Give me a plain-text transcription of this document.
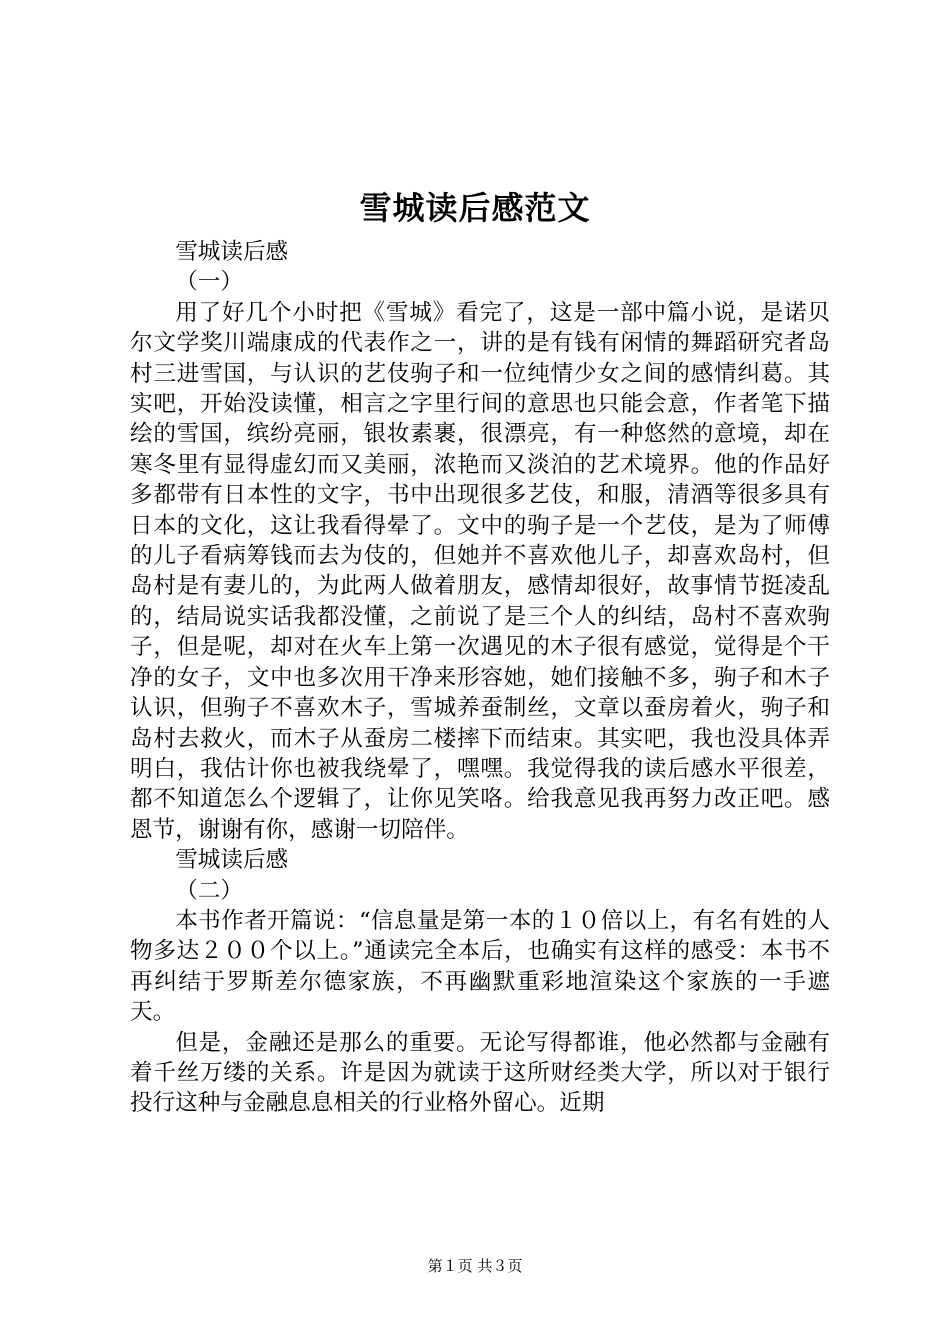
雪城读后感范文

雪城读后感

（一）

用了好几个小时把《雪城》看完了，这是一部中篇小说，是诺贝尔文学奖川端康成的代表作之一，讲的是有钱有闲情的舞蹈研究者岛村三进雪国，与认识的艺伎驹子和一位纯情少女之间的感情纠葛。其实吧，开始没读懂，相言之字里行间的意思也只能会意，作者笔下描绘的雪国，缤纷亮丽，银妆素裹，很漂亮，有一种悠然的意境，却在寒冬里有显得虚幻而又美丽，浓艳而又淡泊的艺术境界。他的作品好多都带有日本性的文字，书中出现很多艺伎，和服，清酒等很多具有日本的文化，这让我看得晕了。文中的驹子是一个艺伎，是为了师傅的儿子看病筹钱而去为伎的，但她并不喜欢他儿子，却喜欢岛村，但岛村是有妻儿的，为此两人做着朋友，感情却很好，故事情节挺凌乱的，结局说实话我都没懂，之前说了是三个人的纠结，岛村不喜欢驹子，但是呢，却对在火车上第一次遇见的木子很有感觉，觉得是个干净的女子，文中也多次用干净来形容她，她们接触不多，驹子和木子认识，但驹子不喜欢木子，雪城养蚕制丝，文章以蚕房着火，驹子和岛村去救火，而木子从蚕房二楼摔下而结束。其实吧，我也没具体弄明白，我估计你也被我绕晕了，嘿嘿。我觉得我的读后感水平很差，都不知道怎么个逻辑了，让你见笑咯。给我意见我再努力改正吧。感恩节，谢谢有你，感谢一切陪伴。

雪城读后感

（二）

本书作者开篇说：“信息量是第一本的１０倍以上，有名有姓的人物多达２００个以上。”通读完全本后，也确实有这样的感受：本书不再纠结于罗斯差尔德家族，不再幽默重彩地渲染这个家族的一手遮天。

但是，金融还是那么的重要。无论写得都谁，他必然都与金融有着千丝万缕的关系。许是因为就读于这所财经类大学，所以对于银行投行这种与金融息息相关的行业格外留心。近期

第１页 共３页
